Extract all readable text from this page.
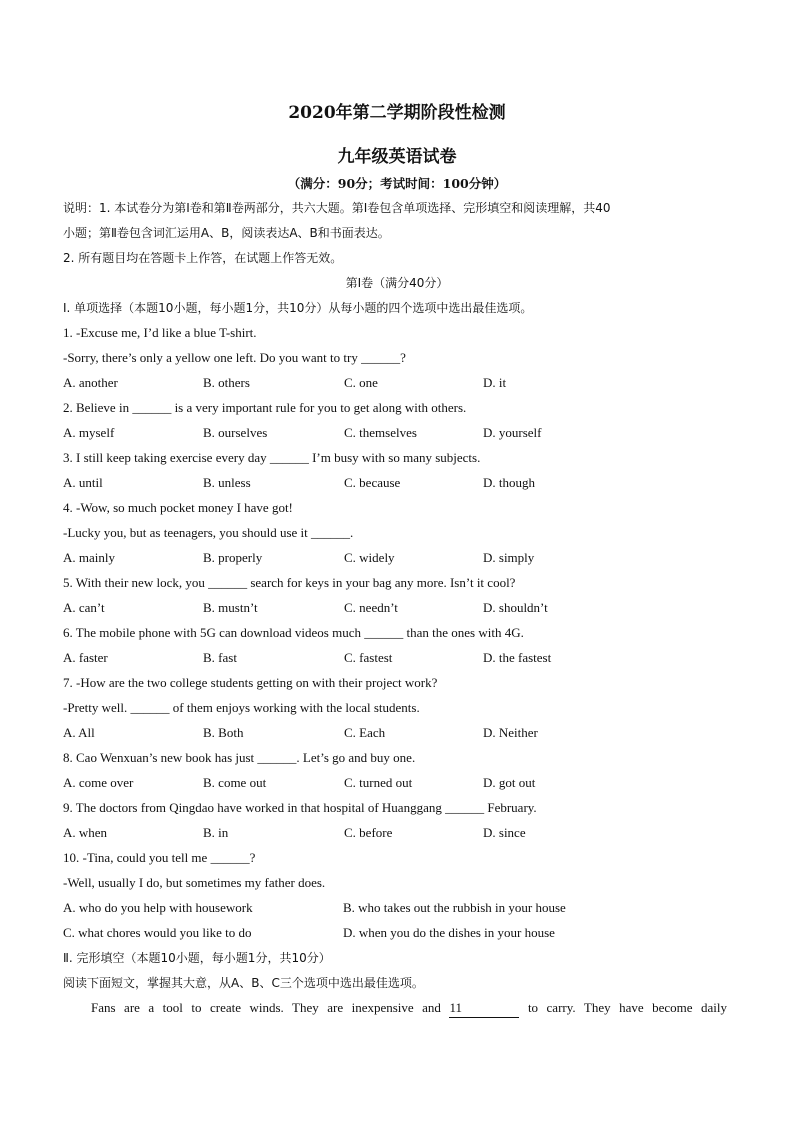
2020年第二学期阶段性检测
九年级英语试卷
（满分：90分；考试时间：100分钟）
说明：1. 本试卷分为第Ⅰ卷和第Ⅱ卷两部分，共六大题。第Ⅰ卷包含单项选择、完形填空和阅读理解，共40
小题；第Ⅱ卷包含词汇运用A、B，阅读表达A、B和书面表达。
2. 所有题目均在答题卡上作答，在试题上作答无效。
第Ⅰ卷（满分40分）
Ⅰ. 单项选择（本题10小题，每小题1分，共10分）从每小题的四个选项中选出最佳选项。
1. -Excuse me, I’d like a blue T-shirt.
-Sorry, there’s only a yellow one left. Do you want to try ______?
A. another	B. others	C. one	D. it
2. Believe in ______ is a very important rule for you to get along with others.
A. myself	B. ourselves	C. themselves	D. yourself
3. I still keep taking exercise every day ______ I’m busy with so many subjects.
A. until	B. unless	C. because	D. though
4. -Wow, so much pocket money I have got!
-Lucky you, but as teenagers, you should use it ______.
A. mainly	B. properly	C. widely	D. simply
5. With their new lock, you ______ search for keys in your bag any more. Isn’t it cool?
A. can’t	B. mustn’t	C. needn’t	D. shouldn’t
6. The mobile phone with 5G can download videos much ______ than the ones with 4G.
A. faster	B. fast	C. fastest	D. the fastest
7. -How are the two college students getting on with their project work?
-Pretty well. ______ of them enjoys working with the local students.
A. All	B. Both	C. Each	D. Neither
8. Cao Wenxuan’s new book has just ______. Let’s go and buy one.
A. come over	B. come out	C. turned out	D. got out
9. The doctors from Qingdao have worked in that hospital of Huanggang ______ February.
A. when	B. in	C. before	D. since
10. -Tina, could you tell me ______?
-Well, usually I do, but sometimes my father does.
A. who do you help with housework	B. who takes out the rubbish in your house
C. what chores would you like to do	D. when you do the dishes in your house
Ⅱ. 完形填空（本题10小题，每小题1分，共10分）
阅读下面短文，掌握其大意，从A、B、C三个选项中选出最佳选项。
Fans are a tool to create winds. They are inexpensive and 11	to carry. They have become daily
